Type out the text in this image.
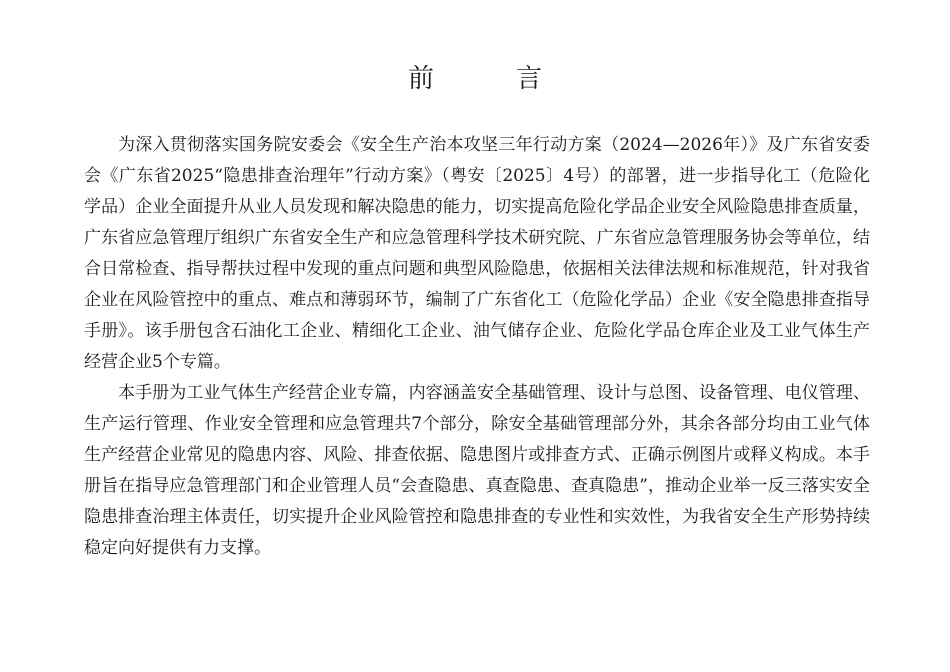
前　言

为深入贯彻落实国务院安委会《安全生产治本攻坚三年行动方案（2024—2026年）》及广东省安委会《广东省2025“隐患排查治理年”行动方案》（粤安〔2025〕4号）的部署，进一步指导化工（危险化学品）企业全面提升从业人员发现和解决隐患的能力，切实提高危险化学品企业安全风险隐患排查质量，广东省应急管理厅组织广东省安全生产和应急管理科学技术研究院、广东省应急管理服务协会等单位，结合日常检查、指导帮扶过程中发现的重点问题和典型风险隐患，依据相关法律法规和标准规范，针对我省企业在风险管控中的重点、难点和薄弱环节，编制了广东省化工（危险化学品）企业《安全隐患排查指导手册》。该手册包含石油化工企业、精细化工企业、油气储存企业、危险化学品仓库企业及工业气体生产经营企业5个专篇。

本手册为工业气体生产经营企业专篇，内容涵盖安全基础管理、设计与总图、设备管理、电仪管理、生产运行管理、作业安全管理和应急管理共7个部分，除安全基础管理部分外，其余各部分均由工业气体生产经营企业常见的隐患内容、风险、排查依据、隐患图片或排查方式、正确示例图片或释义构成。本手册旨在指导应急管理部门和企业管理人员“会查隐患、真查隐患、查真隐患”，推动企业举一反三落实安全隐患排查治理主体责任，切实提升企业风险管控和隐患排查的专业性和实效性，为我省安全生产形势持续稳定向好提供有力支撑。
